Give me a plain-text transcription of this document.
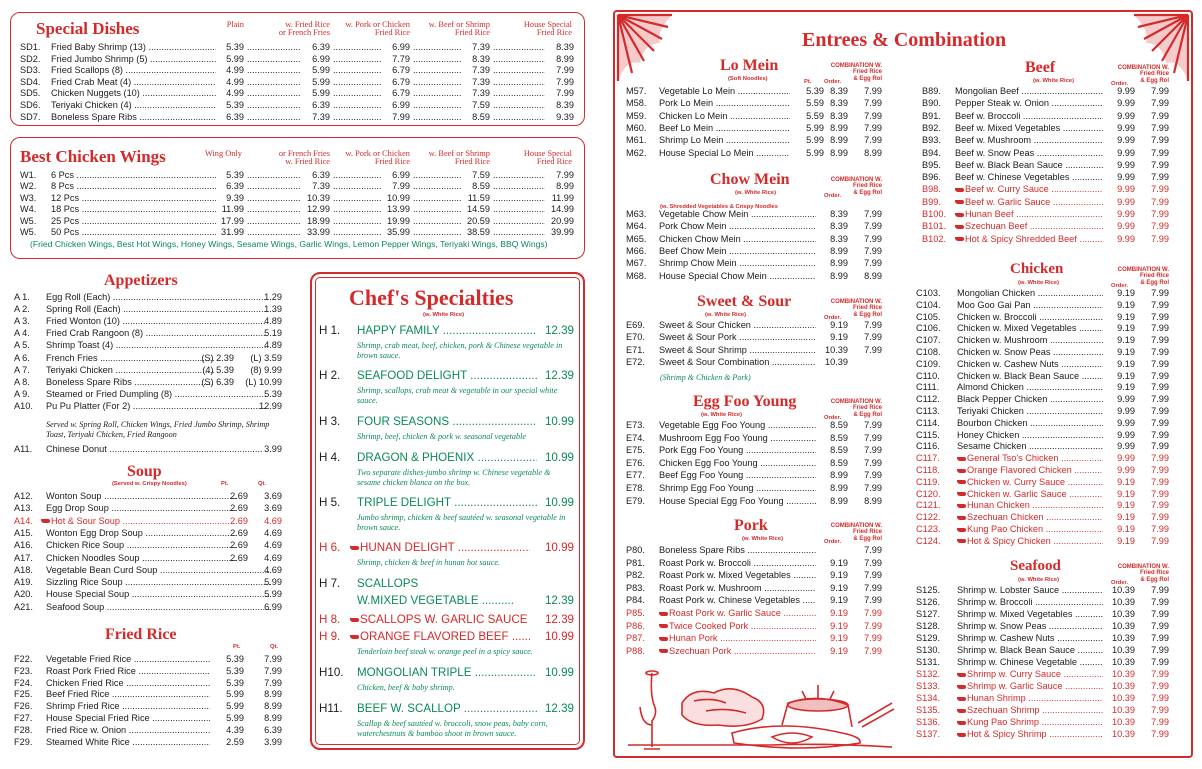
Special Dishes	Plain	w. Fried Rice
or French Fries
w. Pork or Chicken
Fried Rice
w. Beef or Shrimp
Fried Rice
House Special
Fried Rice
SD1. Fried Baby Shrimp (13) .....	5.39 .....	6.39 .....	6.99 .....	7.39 .....	8.39
SD2. Fried Jumbo Shrimp (5) .....	5.99 .....	6.99 .....	7.79 .....	8.39 .....	8.99
SD3. Fried Scallops (8) .....	4.99 .....	5.99 .....	6.79 .....	7.39 .....	7.99
SD4. Fried Crab Meat (4) .....	4.99 .....	5.99 .....	6.79 .....	7.39 .....	7.99
SD5. Chicken Nuggets (10) .....	4.99 .....	5.99 .....	6.79 .....	7.39 .....	7.99
SD6. Teriyaki Chicken (4) .....	5.39 .....	6.39 .....	6.99 .....	7.59 .....	8.39
SD7. Boneless Spare Ribs .....	6.39 .....	7.39 .....	7.99 .....	8.59 .....	9.39
Best Chicken Wings	Wing Only	or French Fries
w. Fried Rice
w. Pork or Chicken
Fried Rice
w. Beef or Shrimp
Fried Rice
House Special
Fried Rice
W1. 6 Pcs .....	5.39 .....	6.39 .....	6.99 .....	7.59 .....	7.99
W2. 8 Pcs .....	6.39 .....	7.39 .....	7.99 .....	8.59 .....	8.99
W3. 12 Pcs .....	9.39 .....	10.39 .....	10.99 .....	11.59 .....	11.99
W4. 18 Pcs .....	11.99 .....	12.99 .....	13.99 .....	14.59 .....	14.99
W5. 25 Pcs .....	17.99 .....	18.99 .....	19.99 .....	20.59 .....	20.99
W5. 50 Pcs .....	31.99 .....	33.99 .....	35.99 .....	38.59 .....	39.99
(Fried Chicken Wings, Best Hot Wings, Honey Wings, Sesame Wings, Garlic Wings, Lemon Pepper Wings, Teriyaki Wings, BBQ Wings)
Appetizers
A 1. Egg Roll (Each) .....	1.29
A 2. Spring Roll (Each) .....	1.39
A 3. Fried Wonton (10) .....	4.89
A 4. Fried Crab Rangoon (8) .....	5.19
A 5. Shrimp Toast (4) .....	4.89
A 6. French Fries .....	(S) 2.39 (L) 3.59
A 7. Teriyaki Chicken .....	(4) 5.39 (8) 9.99
A 8. Boneless Spare Ribs .....	(S) 6.39 (L) 10.99
A 9. Steamed or Fried Dumpling (8) .....	5.39
A10. Pu Pu Platter (For 2) .....	12.99
Served w. Spring Roll, Chicken Wings, Fried Jumbo Shrimp, Shrimp Toast, Teriyaki Chicken, Fried Rangoon
A11. Chinese Donut .....	3.99
Soup
(Served w. Crispy Noodles)	Pt.	Qt.
A12. Wonton Soup .....	2.69 3.69
A13. Egg Drop Soup .....	2.69 3.69
A14.	Hot & Sour Soup .....	2.69 4.69
A15. Wonton Egg Drop Soup .....	2.69 4.69
A16. Chicken Rice Soup .....	2.69 4.69
A17. Chicken Noodles Soup .....	2.69 4.69
A18. Vegetable Bean Curd Soup .....	4.69
A19. Sizzling Rice Soup .....	5.99
A20. House Special Soup .....	5.99
A21. Seafood Soup .....	6.99
Fried Rice
Pt.	Qt.
F22. Vegetable Fried Rice .....	5.39 7.99
F23. Roast Pork Fried Rice .....	5.39 7.99
F24. Chicken Fried Rice .....	5.39 7.99
F25. Beef Fried Rice .....	5.99 8.99
F26. Shrimp Fried Rice .....	5.99 8.99
F27. House Special Fried Rice .....	5.99 8.99
F28. Fried Rice w. Onion .....	4.39 6.39
F29. Steamed White Rice .....	2.59 3.99
Chef's Specialties
(w. White Rice)
H 1. HAPPY FAMILY .....	12.39
Shrimp, crab meat, beef, chicken, pork & Chinese vegetable in brown sauce.
H 2. SEAFOOD DELIGHT .....	12.39
Shrimp, scallops, crab meat & vegetable in our special white sauce.
H 3. FOUR SEASONS .....	10.99
Shrimp, beef, chicken & pork w. seasonal vegetable
H 4. DRAGON & PHOENIX .....	10.99
Two separate dishes-jumbo shrimp w. Chinese vegetable & sesame chicken blanca on the box.
H 5. TRIPLE DELIGHT .....	10.99
Jumbo shrimp, chicken & beef sautéed w. seasonal vegetable in brown sauce.
H 6.	HUNAN DELIGHT .....	10.99
Shrimp, chicken & beef in hunan hot sauce.
H 7. SCALLOPS
W.MIXED VEGETABLE .....	12.39
H 8.	SCALLOPS W. GARLIC SAUCE ..... 12.39
H 9.	ORANGE FLAVORED BEEF .....	10.99
Tenderloin beef steak w. orange peel in a spicy sauce.
H10. MONGOLIAN TRIPLE .....	10.99
Chicken, beef & baby shrimp.
H11. BEEF W. SCALLOP .....	12.39
Scallop & beef sautéed w. broccoli, snow peas, baby corn, waterchestnuts & bamboo shoot in brown sauce.
Entrees & Combination
Lo Mein
(Soft Noodles)
COMBINATION W.
Fried Rice
& Egg Rol
Order.
Pt.
M57. Vegetable Lo Mein .....	5.39 8.39 7.99
M58. Pork Lo Mein .....	5.59 8.39 7.99
M59. Chicken Lo Mein .....	5.59 8.39 7.99
M60. Beef Lo Mein .....	5.99 8.99 7.99
M61. Shrimp Lo Mein .....	5.99 8.99 7.99
M62. House Special Lo Mein .....	5.99 8.99 8.99
Chow Mein
(w. White Rice)
(w. Shredded Vegetables & Crispy Noodles
COMBINATION W.
Fried Rice
& Egg Rol
Order.
M63. Vegetable Chow Mein .....	8.39 7.99
M64. Pork Chow Mein .....	8.39 7.99
M65. Chicken Chow Mein .....	8.39 7.99
M66. Beef Chow Mein .....	8.99 7.99
M67. Shrimp Chow Mein .....	8.99 7.99
M68. House Special Chow Mein .....	8.99 8.99
Sweet & Sour
(w. White Rice)
COMBINATION W.
Fried Rice
& Egg Rol
Order.
E69. Sweet & Sour Chicken .....	9.19 7.99
E70. Sweet & Sour Pork .....	9.19 7.99
E71. Sweet & Sour Shrimp .....	10.39 7.99
E72. Sweet & Sour Combination .....	10.39
(Shrimp & Chicken & Pork)
Egg Foo Young
(w. White Rice)
COMBINATION W.
Fried Rice
& Egg Rol
Order.
E73. Vegetable Egg Foo Young .....	8.59 7.99
E74. Mushroom Egg Foo Young .....	8.59 7.99
E75. Pork Egg Foo Young .....	8.59 7.99
E76. Chicken Egg Foo Young .....	8.59 7.99
E77. Beef Egg Foo Young .....	8.99 7.99
E78. Shrimp Egg Foo Young .....	8.99 7.99
E79. House Special Egg Foo Young .....	8.99 8.99
Pork
(w. White Rice)
COMBINATION W.
Fried Rice
& Egg Rol
Order.
P80. Boneless Spare Ribs .....	7.99
P81. Roast Pork w. Broccoli .....	9.19 7.99
P82. Roast Pork w. Mixed Vegetables .....	9.19 7.99
P83. Roast Pork w. Mushroom .....	9.19 7.99
P84. Roast Pork w. Chinese Vegetables .....	9.19 7.99
P85.	Roast Pork w. Garlic Sauce .....	9.19 7.99
P86.	Twice Cooked Pork .....	9.19 7.99
P87.	Hunan Pork .....	9.19 7.99
P88.	Szechuan Pork .....	9.19 7.99
Beef
(w. White Rice)
COMBINATION W.
Fried Rice
& Egg Rol
Order.
B89. Mongolian Beef .....	9.99 7.99
B90. Pepper Steak w. Onion .....	9.99 7.99
B91. Beef w. Broccoli .....	9.99 7.99
B92. Beef w. Mixed Vegetables .....	9.99 7.99
B93. Beef w. Mushroom .....	9.99 7.99
B94. Beef w. Snow Peas .....	9.99 7.99
B95. Beef w. Black Bean Sauce .....	9.99 7.99
B96. Beef w. Chinese Vegetables .....	9.99 7.99
B98.	Beef w. Curry Sauce .....	9.99 7.99
B99.	Beef w. Garlic Sauce .....	9.99 7.99
B100.	Hunan Beef .....	9.99 7.99
B101.	Szechuan Beef .....	9.99 7.99
B102.	Hot & Spicy Shredded Beef .....	9.99 7.99
Chicken
(w. White Rice)
COMBINATION W.
Fried Rice
& Egg Rol
Order.
C103. Mongolian Chicken .....	9.19 7.99
C104. Moo Goo Gai Pan .....	9.19 7.99
C105. Chicken w. Broccoli .....	9.19 7.99
C106. Chicken w. Mixed Vegetables .....	9.19 7.99
C107. Chicken w. Mushroom .....	9.19 7.99
C108. Chicken w. Snow Peas .....	9.19 7.99
C109. Chicken w. Cashew Nuts .....	9.19 7.99
C110. Chicken w. Black Bean Sauce .....	9.19 7.99
C111. Almond Chicken .....	9.19 7.99
C112. Black Pepper Chicken .....	9.99 7.99
C113. Teriyaki Chicken .....	9.99 7.99
C114. Bourbon Chicken .....	9.99 7.99
C115. Honey Chicken .....	9.99 7.99
C116. Sesame Chicken .....	9.99 7.99
C117.	General Tso's Chicken .....	9.99 7.99
C118.	Orange Flavored Chicken .....	9.99 7.99
C119.	Chicken w. Curry Sauce .....	9.19 7.99
C120.	Chicken w. Garlic Sauce .....	9.19 7.99
C121.	Hunan Chicken .....	9.19 7.99
C122.	Szechuan Chicken .....	9.19 7.99
C123.	Kung Pao Chicken .....	9.19 7.99
C124.	Hot & Spicy Chicken .....	9.19 7.99
Seafood
(w. White Rice)
COMBINATION W.
Fried Rice
& Egg Rol
Order.
S125. Shrimp w. Lobster Sauce .....	10.39 7.99
S126. Shrimp w. Broccoli .....	10.39 7.99
S127. Shrimp w. Mixed Vegetables .....	10.39 7.99
S128. Shrimp w. Snow Peas .....	10.39 7.99
S129. Shrimp w. Cashew Nuts .....	10.39 7.99
S130. Shrimp w. Black Bean Sauce .....	10.39 7.99
S131. Shrimp w. Chinese Vegetable .....	10.39 7.99
S132.	Shrimp w. Curry Sauce .....	10.39 7.99
S133.	Shrimp w. Garlic Sauce .....	10.39 7.99
S134.	Hunan Shrimp .....	10.39 7.99
S135.	Szechuan Shrimp .....	10.39 7.99
S136.	Kung Pao Shrimp .....	10.39 7.99
S137.	Hot & Spicy Shrimp .....	10.39 7.99
